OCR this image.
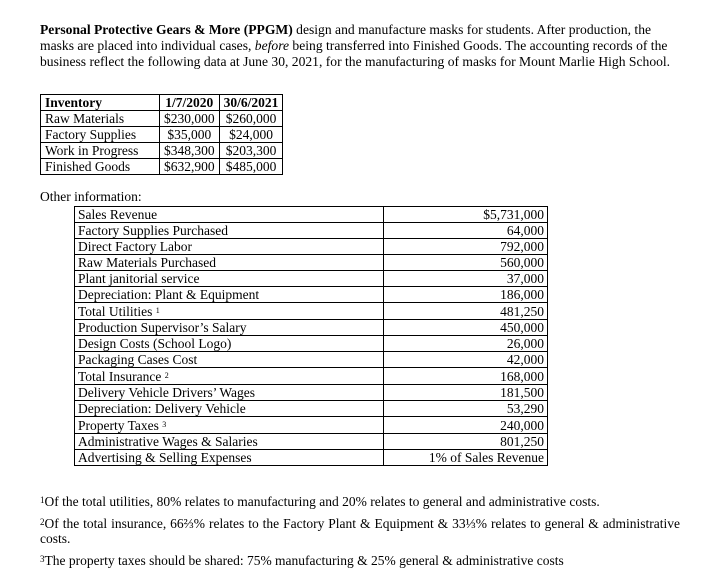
Personal Protective Gears & More (PPGM) design and manufacture masks for students. After production, the masks are placed into individual cases, before being transferred into Finished Goods. The accounting records of the business reflect the following data at June 30, 2021, for the manufacturing of masks for Mount Marlie High School.
Inventory	1/7/2020	30/6/2021
Raw Materials	$230,000	$260,000
Factory Supplies	$35,000	$24,000
Work in Progress	$348,300	$203,300
Finished Goods	$632,900	$485,000
Other information:
Sales Revenue	$5,731,000
Factory Supplies Purchased	64,000
Direct Factory Labor	792,000
Raw Materials Purchased	560,000
Plant janitorial service	37,000
Depreciation: Plant & Equipment	186,000
Total Utilities $^1$	481,250
Production Supervisor’s Salary	450,000
Design Costs (School Logo)	26,000
Packaging Cases Cost	42,000
Total Insurance $^2$	168,000
Delivery Vehicle Drivers’ Wages	181,500
Depreciation: Delivery Vehicle	53,290
Property Taxes $^3$	240,000
Administrative Wages & Salaries	801,250
Advertising & Selling Expenses	1% of Sales Revenue
$^1$Of the total utilities, 80% relates to manufacturing and 20% relates to general and administrative costs.
$^2$Of the total insurance, 66⅔% relates to the Factory Plant & Equipment & 33⅓% relates to general & administrative costs.
$^3$The property taxes should be shared: 75% manufacturing & 25% general & administrative costs
